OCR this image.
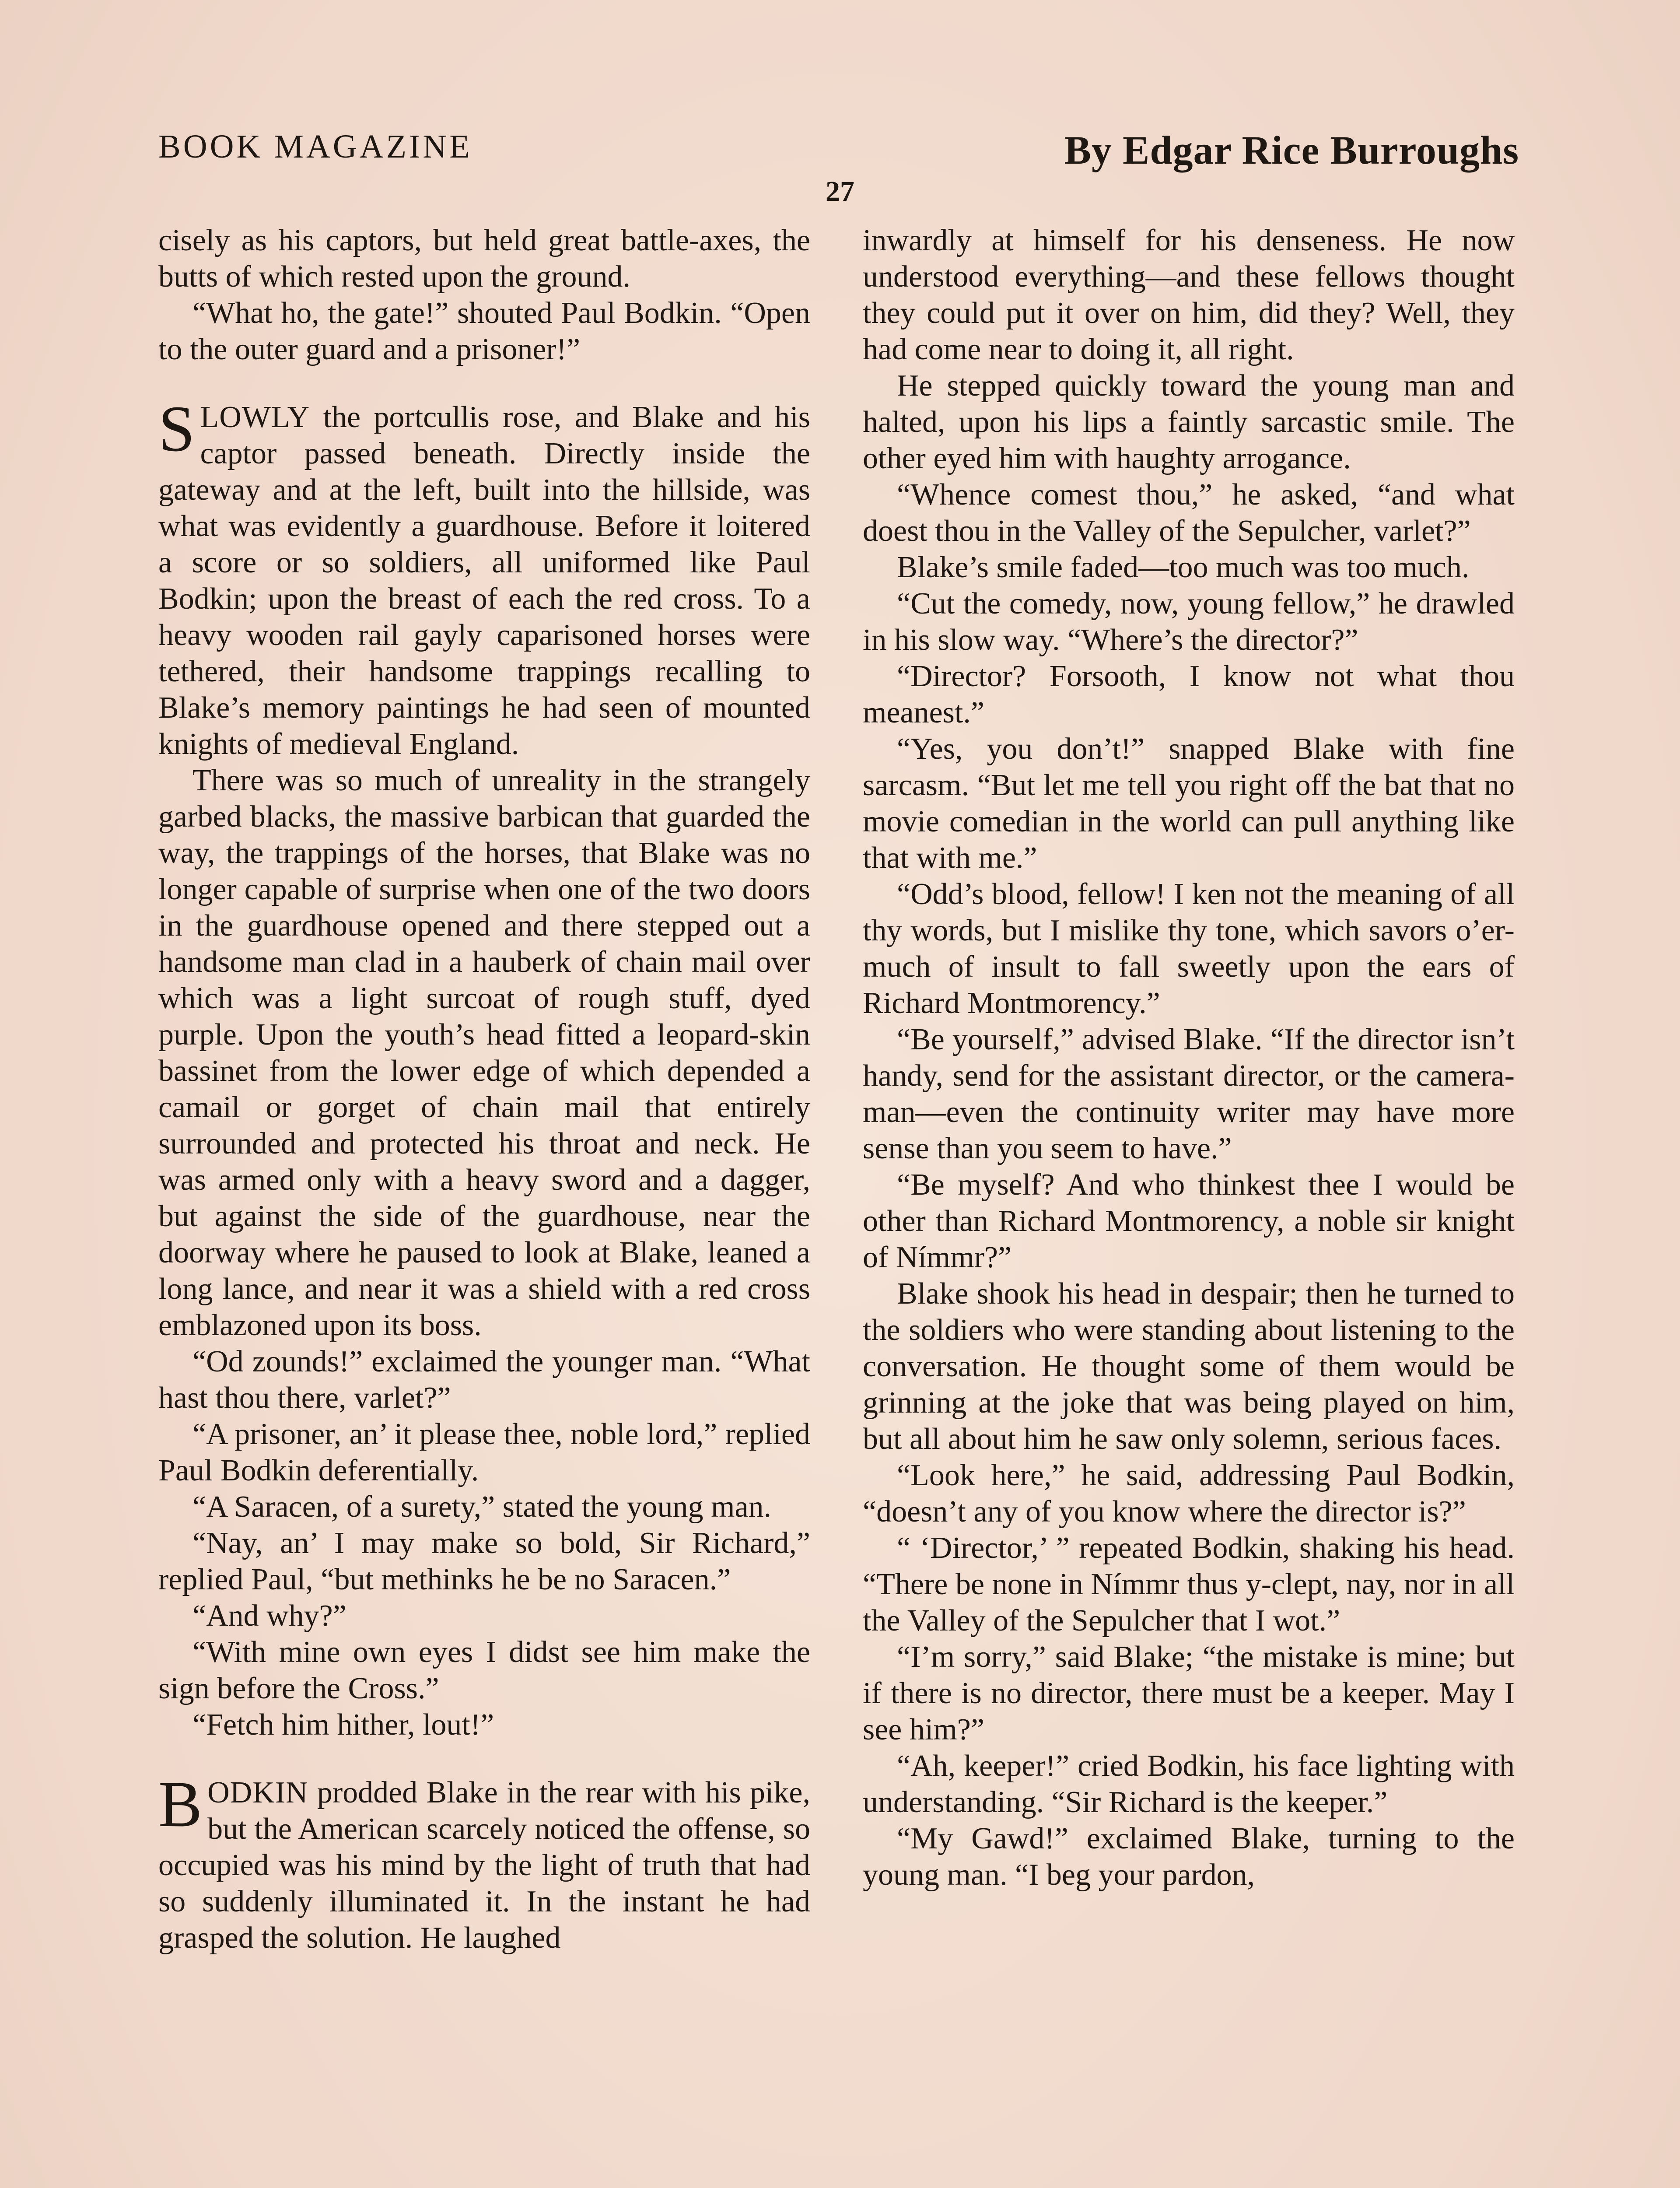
BOOK MAGAZINE	By Edgar Rice Burroughs
27

cisely as his captors, but held great battle-axes, the butts of which rested upon the ground.

“What ho, the gate!” shouted Paul Bodkin. “Open to the outer guard and a prisoner!”

SLOWLY the portcullis rose, and Blake and his captor passed beneath. Directly inside the gateway and at the left, built into the hillside, was what was evidently a guardhouse. Before it loitered a score or so soldiers, all uniformed like Paul Bodkin; upon the breast of each the red cross. To a heavy wooden rail gayly caparisoned horses were tethered, their handsome trappings recalling to Blake’s memory paintings he had seen of mounted knights of medieval England.

There was so much of unreality in the strangely garbed blacks, the massive barbican that guarded the way, the trappings of the horses, that Blake was no longer capable of surprise when one of the two doors in the guardhouse opened and there stepped out a handsome man clad in a hauberk of chain mail over which was a light surcoat of rough stuff, dyed purple. Upon the youth’s head fitted a leopard-skin bassinet from the lower edge of which depended a camail or gorget of chain mail that entirely surrounded and protected his throat and neck. He was armed only with a heavy sword and a dagger, but against the side of the guardhouse, near the doorway where he paused to look at Blake, leaned a long lance, and near it was a shield with a red cross emblazoned upon its boss.

“Od zounds!” exclaimed the younger man. “What hast thou there, varlet?”

“A prisoner, an’ it please thee, noble lord,” replied Paul Bodkin deferentially.

“A Saracen, of a surety,” stated the young man.

“Nay, an’ I may make so bold, Sir Richard,” replied Paul, “but methinks he be no Saracen.”

“And why?”

“With mine own eyes I didst see him make the sign before the Cross.”

“Fetch him hither, lout!”

BODKIN prodded Blake in the rear with his pike, but the American scarcely noticed the offense, so occupied was his mind by the light of truth that had so suddenly illuminated it. In the instant he had grasped the solution. He laughed

inwardly at himself for his denseness. He now understood everything—and these fellows thought they could put it over on him, did they? Well, they had come near to doing it, all right.

He stepped quickly toward the young man and halted, upon his lips a faintly sarcastic smile. The other eyed him with haughty arrogance.

“Whence comest thou,” he asked, “and what doest thou in the Valley of the Sepulcher, varlet?”

Blake’s smile faded—too much was too much.

“Cut the comedy, now, young fellow,” he drawled in his slow way. “Where’s the director?”

“Director? Forsooth, I know not what thou meanest.”

“Yes, you don’t!” snapped Blake with fine sarcasm. “But let me tell you right off the bat that no movie comedian in the world can pull anything like that with me.”

“Odd’s blood, fellow! I ken not the meaning of all thy words, but I mislike thy tone, which savors o’er-much of insult to fall sweetly upon the ears of Richard Montmorency.”

“Be yourself,” advised Blake. “If the director isn’t handy, send for the assistant director, or the camera-man—even the continuity writer may have more sense than you seem to have.”

“Be myself? And who thinkest thee I would be other than Richard Montmorency, a noble sir knight of Nímmr?”

Blake shook his head in despair; then he turned to the soldiers who were standing about listening to the conversation. He thought some of them would be grinning at the joke that was being played on him, but all about him he saw only solemn, serious faces.

“Look here,” he said, addressing Paul Bodkin, “doesn’t any of you know where the director is?”

“ ‘Director,’ ” repeated Bodkin, shaking his head. “There be none in Nímmr thus y-clept, nay, nor in all the Valley of the Sepulcher that I wot.”

“I’m sorry,” said Blake; “the mistake is mine; but if there is no director, there must be a keeper. May I see him?”

“Ah, keeper!” cried Bodkin, his face lighting with understanding. “Sir Richard is the keeper.”

“My Gawd!” exclaimed Blake, turning to the young man. “I beg your pardon,
